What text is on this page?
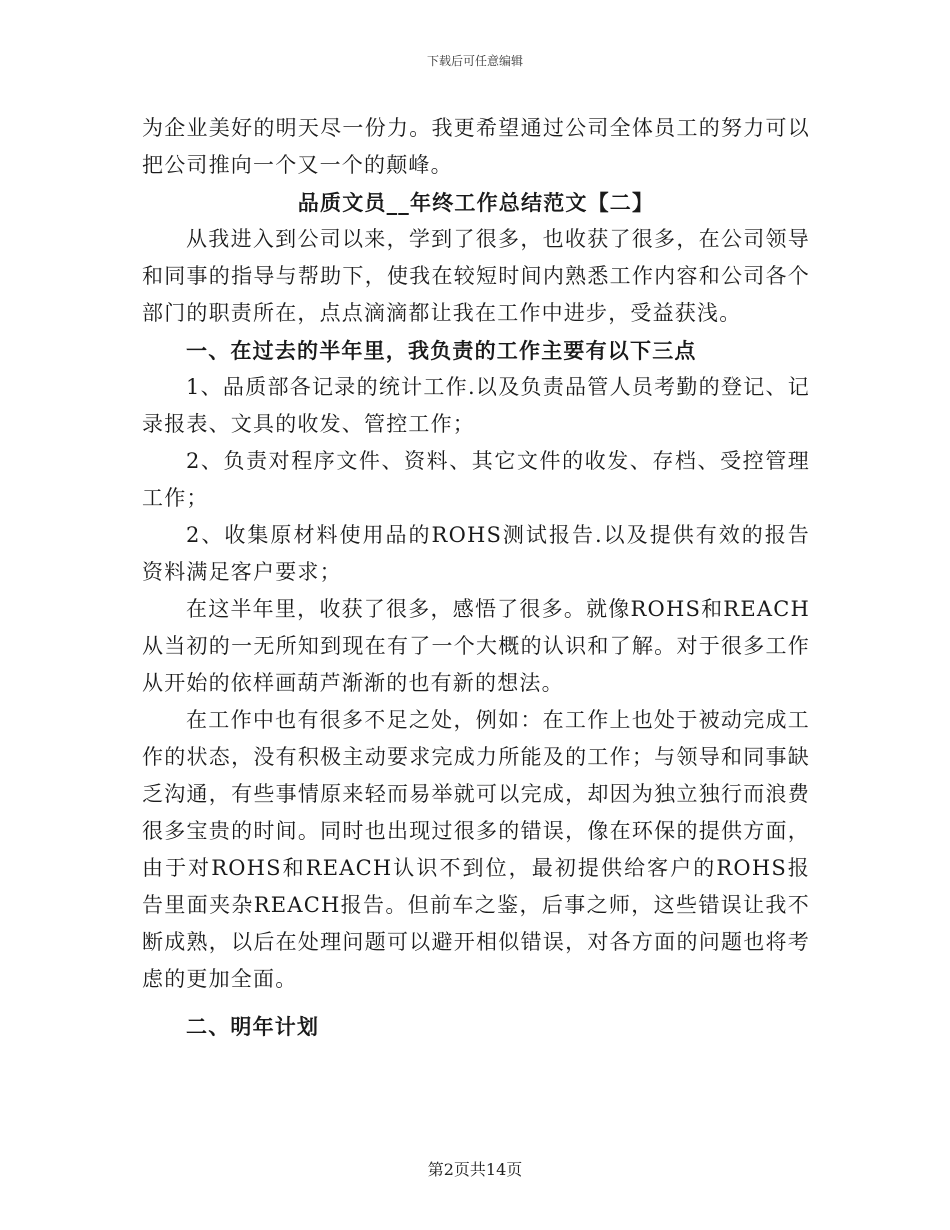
下载后可任意编辑

为企业美好的明天尽一份力。我更希望通过公司全体员工的努力可以把公司推向一个又一个的颠峰。

品质文员__年终工作总结范文【二】

从我进入到公司以来，学到了很多，也收获了很多，在公司领导和同事的指导与帮助下，使我在较短时间内熟悉工作内容和公司各个部门的职责所在，点点滴滴都让我在工作中进步，受益获浅。

一、在过去的半年里，我负责的工作主要有以下三点

1、品质部各记录的统计工作.以及负责品管人员考勤的登记、记录报表、文具的收发、管控工作；

2、负责对程序文件、资料、其它文件的收发、存档、受控管理工作；

2、收集原材料使用品的ROHS测试报告.以及提供有效的报告资料满足客户要求；

在这半年里，收获了很多，感悟了很多。就像ROHS和REACH从当初的一无所知到现在有了一个大概的认识和了解。对于很多工作从开始的依样画葫芦渐渐的也有新的想法。

在工作中也有很多不足之处，例如：在工作上也处于被动完成工作的状态，没有积极主动要求完成力所能及的工作；与领导和同事缺乏沟通，有些事情原来轻而易举就可以完成，却因为独立独行而浪费很多宝贵的时间。同时也出现过很多的错误，像在环保的提供方面，由于对ROHS和REACH认识不到位，最初提供给客户的ROHS报告里面夹杂REACH报告。但前车之鉴，后事之师，这些错误让我不断成熟，以后在处理问题可以避开相似错误，对各方面的问题也将考虑的更加全面。

二、明年计划

第2页共14页
